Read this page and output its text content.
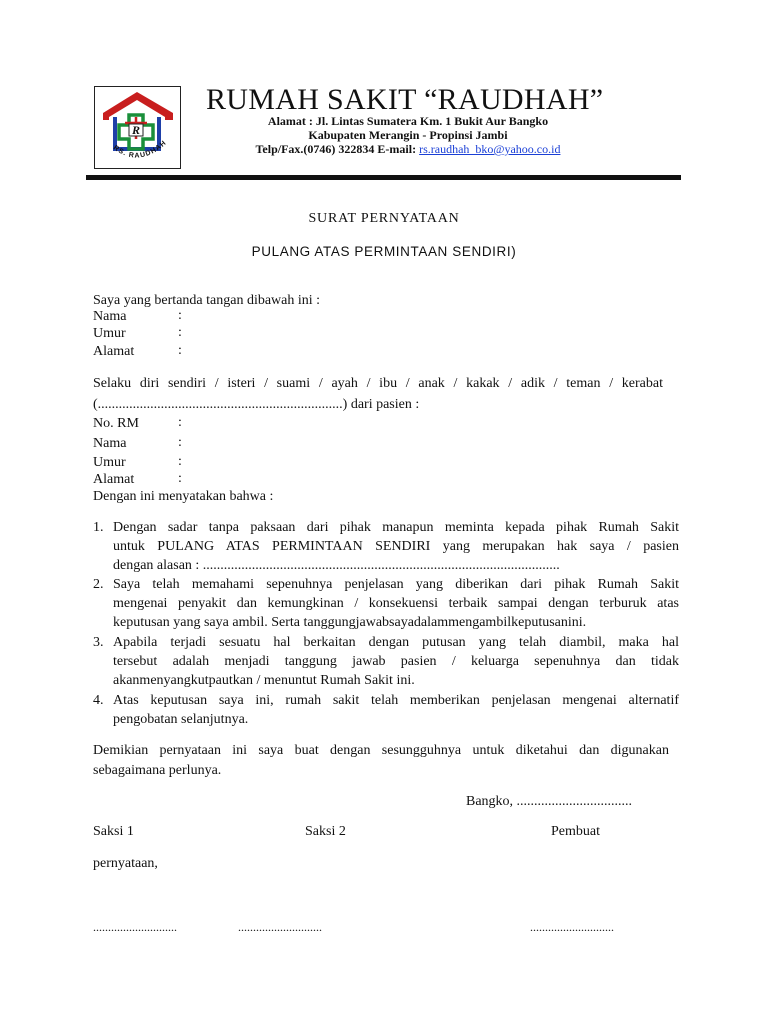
R
RS. RAUDHAH
RUMAH SAKIT “RAUDHAH”
Alamat : Jl. Lintas Sumatera Km. 1 Bukit Aur Bangko
Kabupaten Merangin - Propinsi Jambi
Telp/Fax.(0746) 322834 E-mail: rs.raudhah_bko@yahoo.co.id
SURAT PERNYATAAN
PULANG ATAS PERMINTAAN SENDIRI)
Saya yang bertanda tangan dibawah ini :
Nama	:
Umur	:
Alamat	:
Selaku diri sendiri / isteri / suami / ayah / ibu / anak / kakak / adik / teman / kerabat
(......................................................................) dari pasien :
No. RM	:
Nama	:
Umur	:
Alamat	:
Dengan ini menyatakan bahwa :
1. Dengan sadar tanpa paksaan dari pihak manapun meminta kepada pihak Rumah Sakit
untuk PULANG ATAS PERMINTAAN SENDIRI yang merupakan hak saya / pasien
dengan alasan : ......................................................................................................
2. Saya telah memahami sepenuhnya penjelasan yang diberikan dari pihak Rumah Sakit
mengenai penyakit dan kemungkinan / konsekuensi terbaik sampai dengan terburuk atas
keputusan yang saya ambil. Serta tanggungjawabsayadalammengambilkeputusanini.
3. Apabila terjadi sesuatu hal berkaitan dengan putusan yang telah diambil, maka hal
tersebut adalah menjadi tanggung jawab pasien / keluarga sepenuhnya dan tidak
akanmenyangkutpautkan / menuntut Rumah Sakit ini.
4. Atas keputusan saya ini, rumah sakit telah memberikan penjelasan mengenai alternatif
pengobatan selanjutnya.
Demikian pernyataan ini saya buat dengan sesungguhnya untuk diketahui dan digunakan
sebagaimana perlunya.
Bangko, .................................
Saksi 1	Saksi 2	Pembuat
pernyataan,
............................	............................	............................
